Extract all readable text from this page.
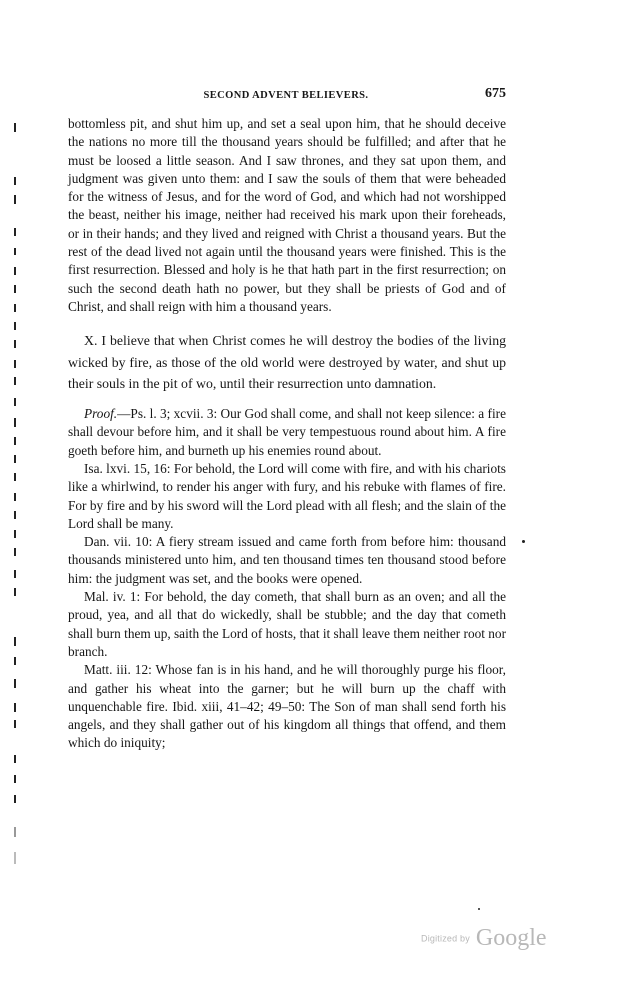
SECOND ADVENT BELIEVERS.	675

bottomless pit, and shut him up, and set a seal upon him, that he should deceive the nations no more till the thousand years should be fulfilled; and after that he must be loosed a little season. And I saw thrones, and they sat upon them, and judgment was given unto them: and I saw the souls of them that were beheaded for the witness of Jesus, and for the word of God, and which had not worshipped the beast, neither his image, neither had received his mark upon their foreheads, or in their hands; and they lived and reigned with Christ a thousand years. But the rest of the dead lived not again until the thousand years were finished. This is the first resurrection. Blessed and holy is he that hath part in the first resurrection; on such the second death hath no power, but they shall be priests of God and of Christ, and shall reign with him a thousand years.

X. I believe that when Christ comes he will destroy the bodies of the living wicked by fire, as those of the old world were destroyed by water, and shut up their souls in the pit of wo, until their resurrection unto damnation.

Proof.—Ps. l. 3; xcvii. 3: Our God shall come, and shall not keep silence: a fire shall devour before him, and it shall be very tempestuous round about him. A fire goeth before him, and burneth up his enemies round about.

Isa. lxvi. 15, 16: For behold, the Lord will come with fire, and with his chariots like a whirlwind, to render his anger with fury, and his rebuke with flames of fire. For by fire and by his sword will the Lord plead with all flesh; and the slain of the Lord shall be many.

Dan. vii. 10: A fiery stream issued and came forth from before him: thousand thousands ministered unto him, and ten thousand times ten thousand stood before him: the judgment was set, and the books were opened.

Mal. iv. 1: For behold, the day cometh, that shall burn as an oven; and all the proud, yea, and all that do wickedly, shall be stubble; and the day that cometh shall burn them up, saith the Lord of hosts, that it shall leave them neither root nor branch.

Matt. iii. 12: Whose fan is in his hand, and he will thoroughly purge his floor, and gather his wheat into the garner; but he will burn up the chaff with unquenchable fire. Ibid. xiii, 41–42; 49–50: The Son of man shall send forth his angels, and they shall gather out of his kingdom all things that offend, and them which do iniquity;

Digitized by Google
